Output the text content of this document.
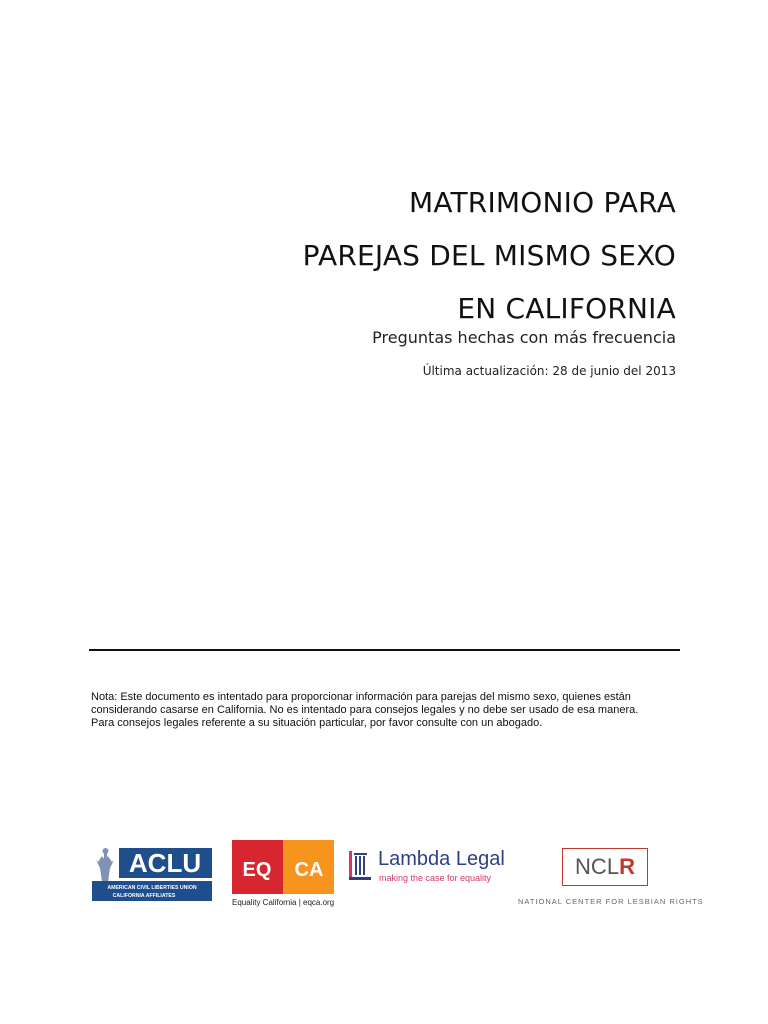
MATRIMONIO PARA
PAREJAS DEL MISMO SEXO
EN CALIFORNIA
Preguntas hechas con más frecuencia
Última actualización: 28 de junio del 2013

Nota: Este documento es intentado para proporcionar información para parejas del mismo sexo, quienes están

considerando casarse en California. No es intentado para consejos legales y no debe ser usado de esa manera.

Para consejos legales referente a su situación particular, por favor consulte con un abogado.

ACLU
AMERICAN CIVIL LIBERTIES UNION
CALIFORNIA AFFILIATES
EQ CA
Equality California | eqca.org
Lambda Legal
making the case for equality	NCLR
NATIONAL CENTER FOR LESBIAN RIGHTS
